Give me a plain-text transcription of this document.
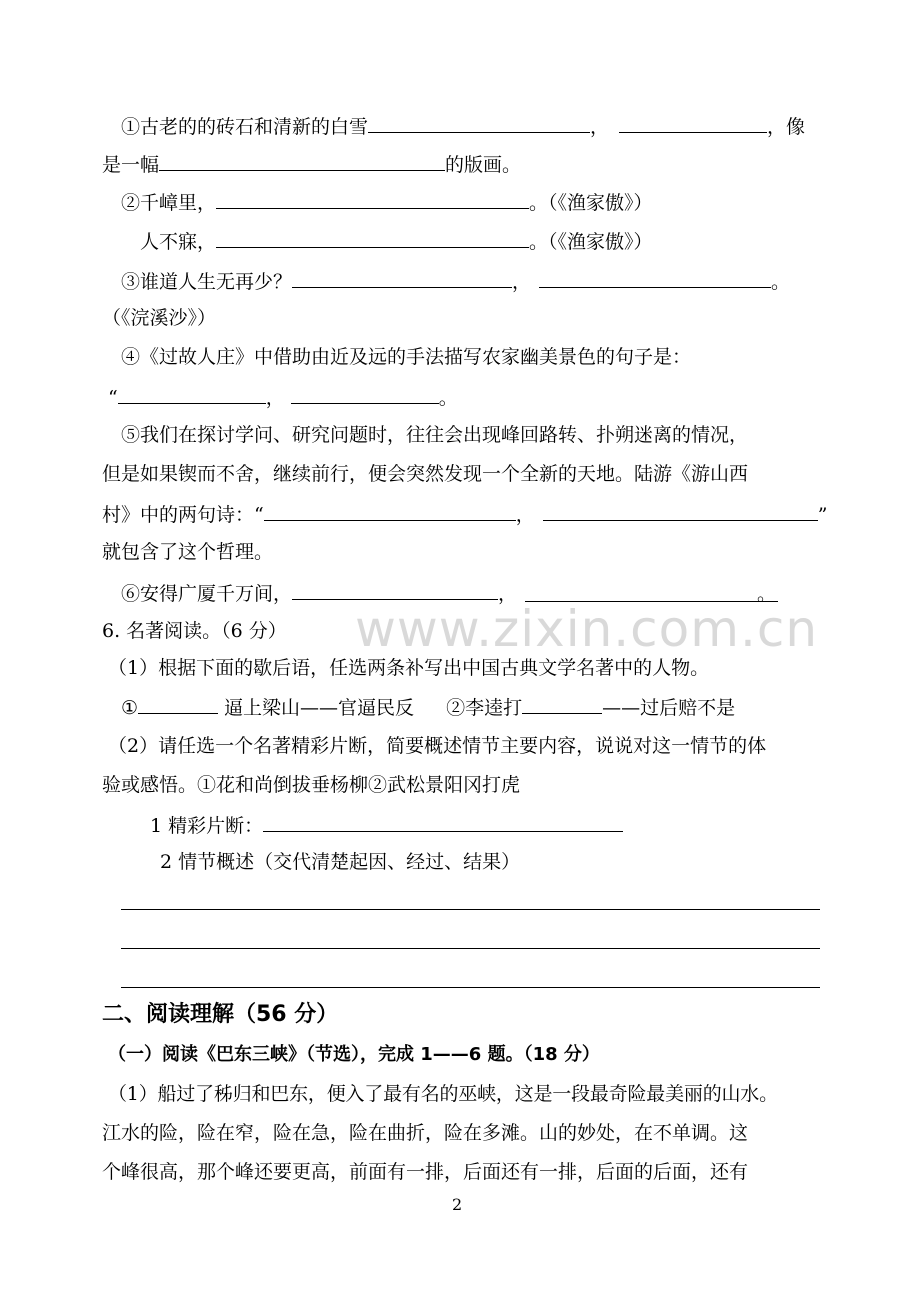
www.zixin.com.cn
①古老的的砖石和清新的白雪	，	，像
是一幅	的版画。
②千嶂里，	。（《渔家傲》）
人不寐，	。（《渔家傲》）
③谁道人生无再少？	，	。
（《浣溪沙》）
④《过故人庄》中借助由近及远的手法描写农家幽美景色的句子是：
“	，	。
⑤我们在探讨学问、研究问题时，往往会出现峰回路转、扑朔迷离的情况，
但是如果锲而不舍，继续前行，便会突然发现一个全新的天地。陆游《游山西
村》中的两句诗：“	，	”
就包含了这个哲理。
⑥安得广厦千万间，	，	。
6. 名著阅读。（6 分）
（1）根据下面的歇后语，任选两条补写出中国古典文学名著中的人物。
①	逼上梁山——官逼民反 ②李逵打	——过后赔不是
（2）请任选一个名著精彩片断，简要概述情节主要内容，说说对这一情节的体
验或感悟。①花和尚倒拔垂杨柳②武松景阳冈打虎
1 精彩片断：
2 情节概述（交代清楚起因、经过、结果）
二、阅读理解（56 分）
（一）阅读《巴东三峡》（节选），完成 1——6 题。（18 分）
（1）船过了秭归和巴东，便入了最有名的巫峡，这是一段最奇险最美丽的山水。
江水的险，险在窄，险在急，险在曲折，险在多滩。山的妙处，在不单调。这
个峰很高，那个峰还要更高，前面有一排，后面还有一排，后面的后面，还有
2
